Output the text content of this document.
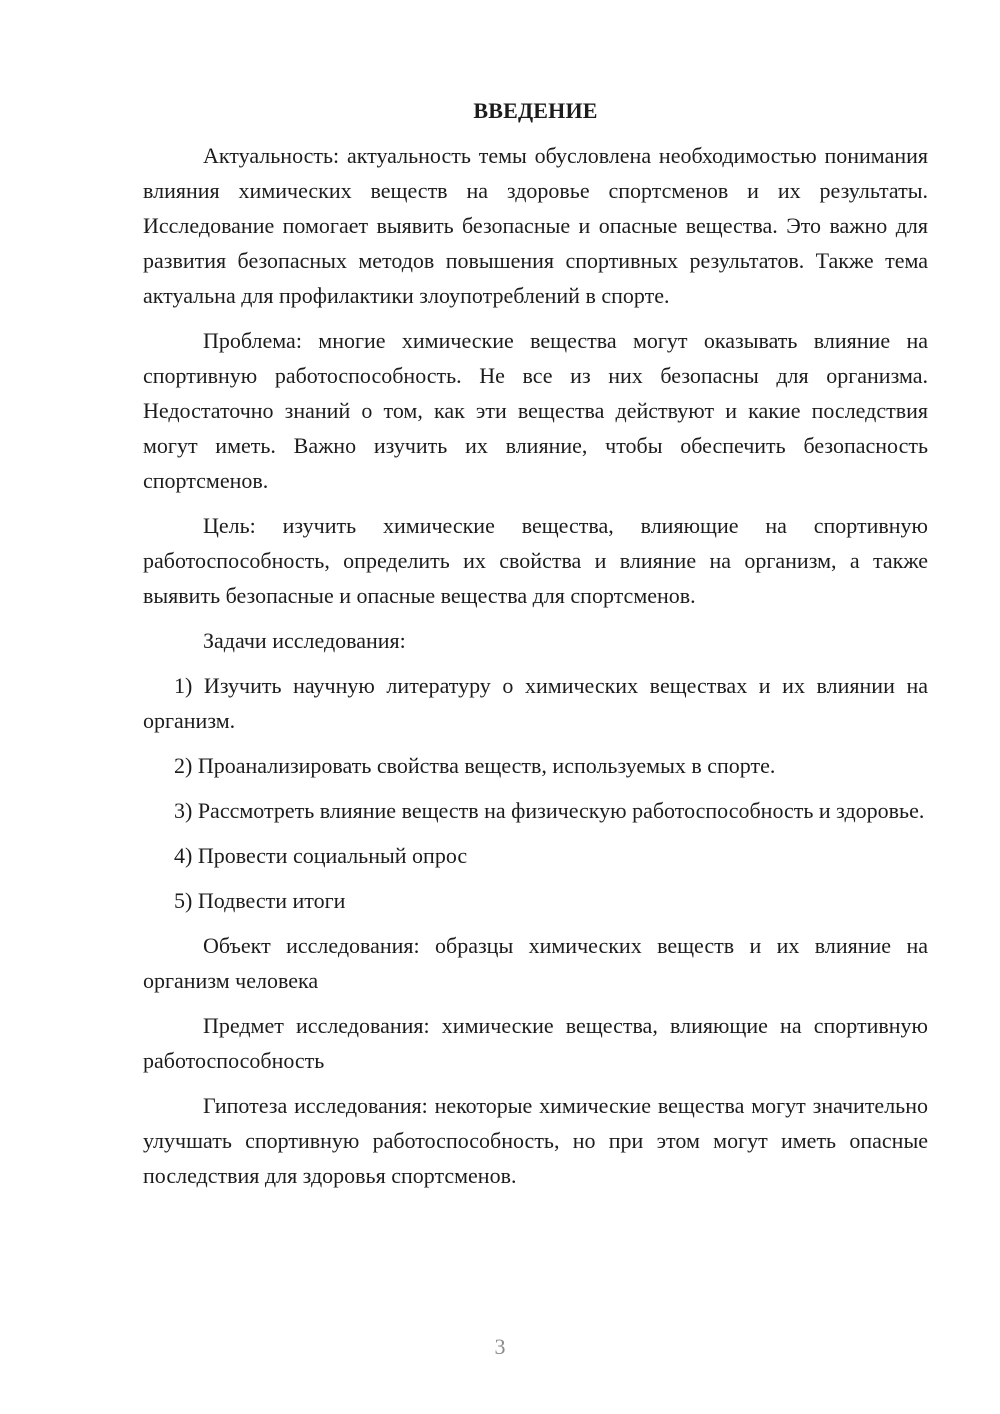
ВВЕДЕНИЕ

Актуальность: актуальность темы обусловлена необходимостью понимания влияния химических веществ на здоровье спортсменов и их результаты. Исследование помогает выявить безопасные и опасные вещества. Это важно для развития безопасных методов повышения спортивных результатов. Также тема актуальна для профилактики злоупотреблений в спорте.

Проблема: многие химические вещества могут оказывать влияние на спортивную работоспособность. Не все из них безопасны для организма. Недостаточно знаний о том, как эти вещества действуют и какие последствия могут иметь. Важно изучить их влияние, чтобы обеспечить безопасность спортсменов.

Цель: изучить химические вещества, влияющие на спортивную работоспособность, определить их свойства и влияние на организм, а также выявить безопасные и опасные вещества для спортсменов.

Задачи исследования:

1) Изучить научную литературу о химических веществах и их влиянии на организм.

2) Проанализировать свойства веществ, используемых в спорте.

3) Рассмотреть влияние веществ на физическую работоспособность и здоровье.

4) Провести социальный опрос

5) Подвести итоги

Объект исследования: образцы химических веществ и их влияние на организм человека

Предмет исследования: химические вещества, влияющие на спортивную работоспособность

Гипотеза исследования: некоторые химические вещества могут значительно улучшать спортивную работоспособность, но при этом могут иметь опасные последствия для здоровья спортсменов.

3
